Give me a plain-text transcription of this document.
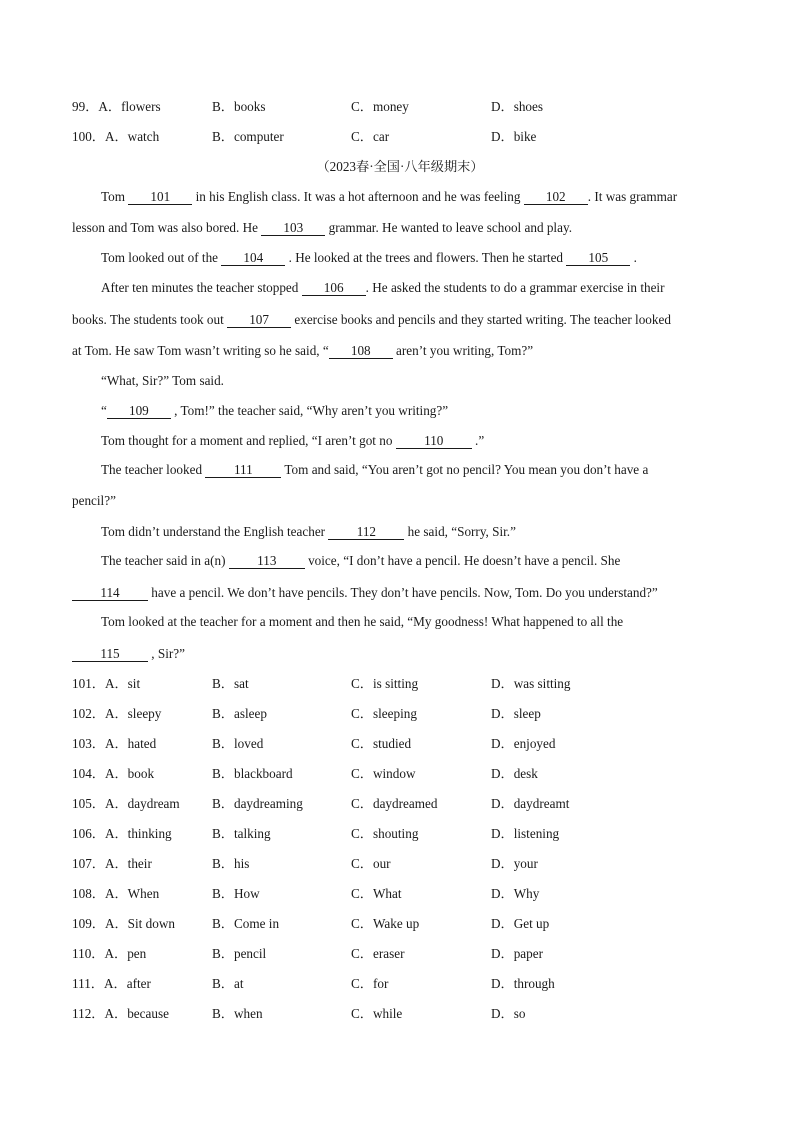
99．A．flowers	B．books	C．money	D．shoes
100．A．watch	B．computer	C．car	D．bike
（2023春·全国·八年级期末）
Tom 101 in his English class. It was a hot afternoon and he was feeling 102 . It was grammar
lesson and Tom was also bored. He 103 grammar. He wanted to leave school and play.
Tom looked out of the 104 . He looked at the trees and flowers. Then he started 105 .
After ten minutes the teacher stopped 106 . He asked the students to do a grammar exercise in their
books. The students took out 107 exercise books and pencils and they started writing. The teacher looked
at Tom. He saw Tom wasn’t writing so he said, “ 108 aren’t you writing, Tom?”
“What, Sir?” Tom said.
“ 109 , Tom!” the teacher said, “Why aren’t you writing?”
Tom thought for a moment and replied, “I aren’t got no 110 .”
The teacher looked 111 Tom and said, “You aren’t got no pencil? You mean you don’t have a
pencil?”
Tom didn’t understand the English teacher 112 he said, “Sorry, Sir.”
The teacher said in a(n) 113 voice, “I don’t have a pencil. He doesn’t have a pencil. She
114 have a pencil. We don’t have pencils. They don’t have pencils. Now, Tom. Do you understand?”
Tom looked at the teacher for a moment and then he said, “My goodness! What happened to all the
115 , Sir?”
101．A．sit	B．sat	C．is sitting	D．was sitting
102．A．sleepy	B．asleep	C．sleeping	D．sleep
103．A．hated	B．loved	C．studied	D．enjoyed
104．A．book	B．blackboard	C．window	D．desk
105．A．daydream B．daydreaming	C．daydreamed	D．daydreamt
106．A．thinking	B．talking	C．shouting	D．listening
107．A．their	B．his	C．our	D．your
108．A．When	B．How	C．What	D．Why
109．A．Sit down	B．Come in	C．Wake up	D．Get up
110．A．pen	B．pencil	C．eraser	D．paper
111．A．after	B．at	C．for	D．through
112．A．because	B．when	C．while	D．so
